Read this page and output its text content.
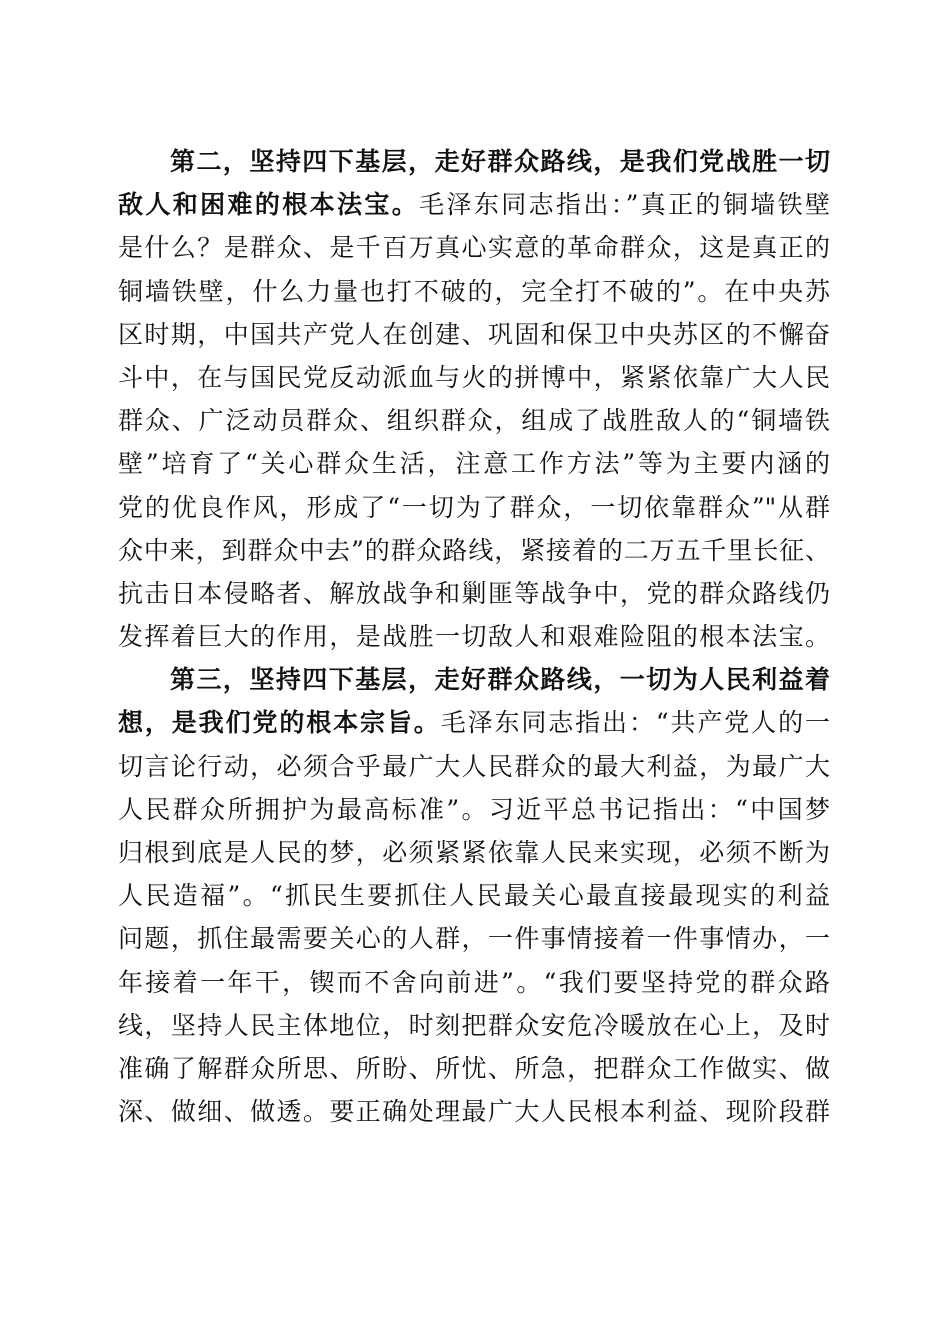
第二，坚持四下基层，走好群众路线，是我们党战胜一切
敌人和困难的根本法宝。毛泽东同志指出：”真正的铜墙铁壁
是什么？是群众、是千百万真心实意的革命群众，这是真正的
铜墙铁壁，什么力量也打不破的，完全打不破的”。在中央苏
区时期，中国共产党人在创建、巩固和保卫中央苏区的不懈奋
斗中，在与国民党反动派血与火的拼博中，紧紧依靠广大人民
群众、广泛动员群众、组织群众，组成了战胜敌人的“铜墙铁
壁”培育了“关心群众生活，注意工作方法”等为主要内涵的
党的优良作风，形成了“一切为了群众，一切依靠群众”"从群
众中来，到群众中去”的群众路线，紧接着的二万五千里长征、
抗击日本侵略者、解放战争和剿匪等战争中，党的群众路线仍
发挥着巨大的作用，是战胜一切敌人和艰难险阻的根本法宝。
第三，坚持四下基层，走好群众路线，一切为人民利益着
想，是我们党的根本宗旨。毛泽东同志指出：“共产党人的一
切言论行动，必须合乎最广大人民群众的最大利益，为最广大
人民群众所拥护为最高标准”。习近平总书记指出：“中国梦
归根到底是人民的梦，必须紧紧依靠人民来实现，必须不断为
人民造福”。“抓民生要抓住人民最关心最直接最现实的利益
问题，抓住最需要关心的人群，一件事情接着一件事情办，一
年接着一年干，锲而不舍向前进”。“我们要坚持党的群众路
线，坚持人民主体地位，时刻把群众安危冷暖放在心上，及时
准确了解群众所思、所盼、所忧、所急，把群众工作做实、做
深、做细、做透。要正确处理最广大人民根本利益、现阶段群
